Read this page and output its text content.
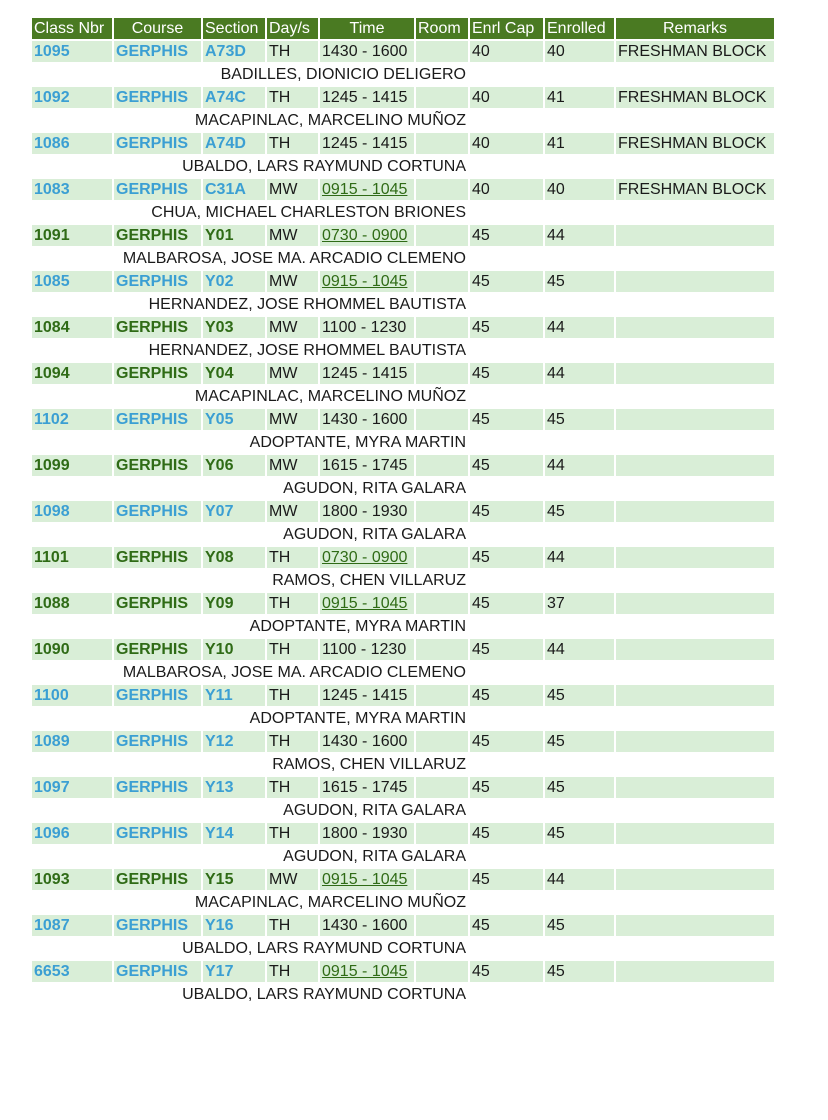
Class Nbr	Course	Section	Day/s	Time	Room	Enrl Cap	Enrolled	Remarks
1095	GERPHIS	A73D	TH	1430 - 1600		40	40	FRESHMAN BLOCK
BADILLES, DIONICIO DELIGERO								
1092	GERPHIS	A74C	TH	1245 - 1415		40	41	FRESHMAN BLOCK
MACAPINLAC, MARCELINO MUÑOZ								
1086	GERPHIS	A74D	TH	1245 - 1415		40	41	FRESHMAN BLOCK
UBALDO, LARS RAYMUND CORTUNA								
1083	GERPHIS	C31A	MW	0915 - 1045		40	40	FRESHMAN BLOCK
CHUA, MICHAEL CHARLESTON BRIONES								
1091	GERPHIS	Y01	MW	0730 - 0900		45	44	
MALBAROSA, JOSE MA. ARCADIO CLEMENO								
1085	GERPHIS	Y02	MW	0915 - 1045		45	45	
HERNANDEZ, JOSE RHOMMEL BAUTISTA								
1084	GERPHIS	Y03	MW	1100 - 1230		45	44	
HERNANDEZ, JOSE RHOMMEL BAUTISTA								
1094	GERPHIS	Y04	MW	1245 - 1415		45	44	
MACAPINLAC, MARCELINO MUÑOZ								
1102	GERPHIS	Y05	MW	1430 - 1600		45	45	
ADOPTANTE, MYRA MARTIN								
1099	GERPHIS	Y06	MW	1615 - 1745		45	44	
AGUDON, RITA GALARA								
1098	GERPHIS	Y07	MW	1800 - 1930		45	45	
AGUDON, RITA GALARA								
1101	GERPHIS	Y08	TH	0730 - 0900		45	44	
RAMOS, CHEN VILLARUZ								
1088	GERPHIS	Y09	TH	0915 - 1045		45	37	
ADOPTANTE, MYRA MARTIN								
1090	GERPHIS	Y10	TH	1100 - 1230		45	44	
MALBAROSA, JOSE MA. ARCADIO CLEMENO								
1100	GERPHIS	Y11	TH	1245 - 1415		45	45	
ADOPTANTE, MYRA MARTIN								
1089	GERPHIS	Y12	TH	1430 - 1600		45	45	
RAMOS, CHEN VILLARUZ								
1097	GERPHIS	Y13	TH	1615 - 1745		45	45	
AGUDON, RITA GALARA								
1096	GERPHIS	Y14	TH	1800 - 1930		45	45	
AGUDON, RITA GALARA								
1093	GERPHIS	Y15	MW	0915 - 1045		45	44	
MACAPINLAC, MARCELINO MUÑOZ								
1087	GERPHIS	Y16	TH	1430 - 1600		45	45	
UBALDO, LARS RAYMUND CORTUNA								
6653	GERPHIS	Y17	TH	0915 - 1045		45	45	
UBALDO, LARS RAYMUND CORTUNA								
